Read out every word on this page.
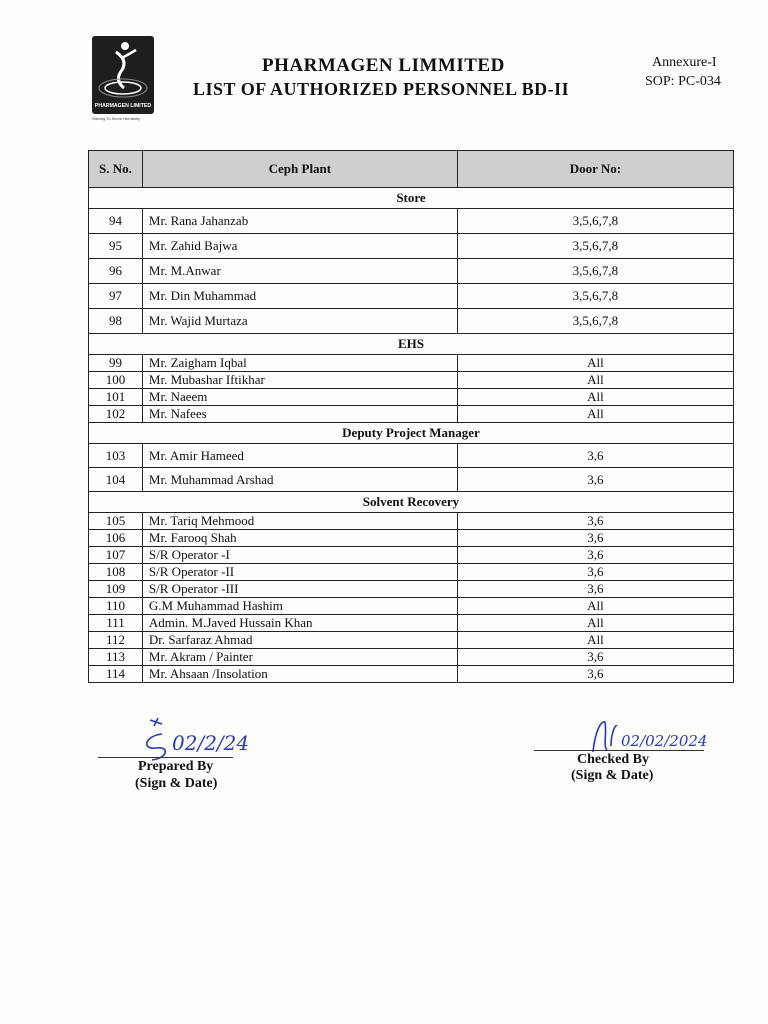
PHARMAGEN LIMITED
Striving To Serve Humanity
PHARMAGEN LIMMITED
LIST OF AUTHORIZED PERSONNEL BD-II
Annexure-I
SOP: PC-034
S. No.	Ceph Plant	Door No:
Store		
94	Mr. Rana Jahanzab	3,5,6,7,8
95	Mr. Zahid Bajwa	3,5,6,7,8
96	Mr. M.Anwar	3,5,6,7,8
97	Mr. Din Muhammad	3,5,6,7,8
98	Mr. Wajid Murtaza	3,5,6,7,8
EHS		
99	Mr. Zaigham Iqbal	All
100	Mr. Mubashar Iftikhar	All
101	Mr. Naeem	All
102	Mr. Nafees	All
Deputy Project Manager		
103	Mr. Amir Hameed	3,6
104	Mr. Muhammad Arshad	3,6
Solvent Recovery		
105	Mr. Tariq Mehmood	3,6
106	Mr. Farooq Shah	3,6
107	S/R Operator -I	3,6
108	S/R Operator -II	3,6
109	S/R Operator -III	3,6
110	G.M Muhammad Hashim	All
111	Admin. M.Javed Hussain Khan	All
112	Dr. Sarfaraz Ahmad	All
113	Mr. Akram / Painter	3,6
114	Mr. Ahsaan /Insolation	3,6
02/2/24	02/02/2024
Prepared By
(Sign & Date)
Checked By
(Sign & Date)
